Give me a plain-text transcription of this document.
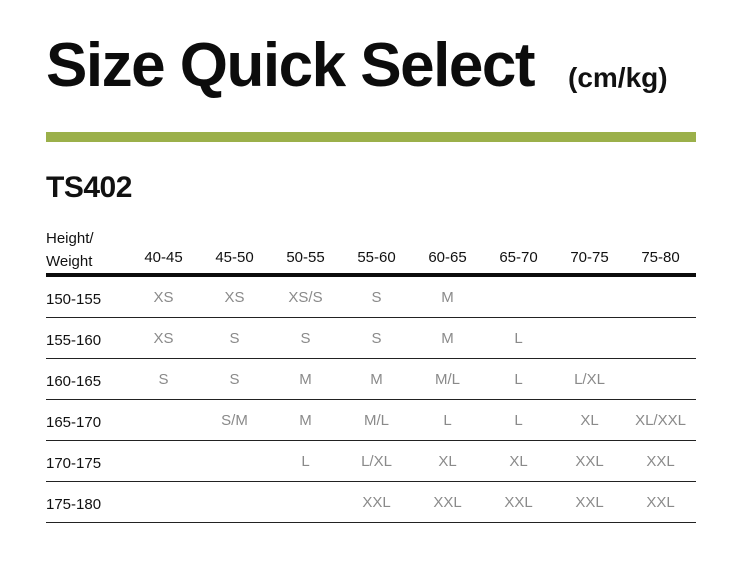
Size Quick Select (cm/kg)
TS402
Height/
Weight	40-45	45-50	50-55	55-60	60-65	65-70	70-75	75-80
150-155	XS	XS	XS/S	S	M			
155-160	XS	S	S	S	M	L		
160-165	S	S	M	M	M/L	L	L/XL	
165-170		S/M	M	M/L	L	L	XL	XL/XXL
170-175			L	L/XL	XL	XL	XXL	XXL
175-180				XXL	XXL	XXL	XXL	XXL
